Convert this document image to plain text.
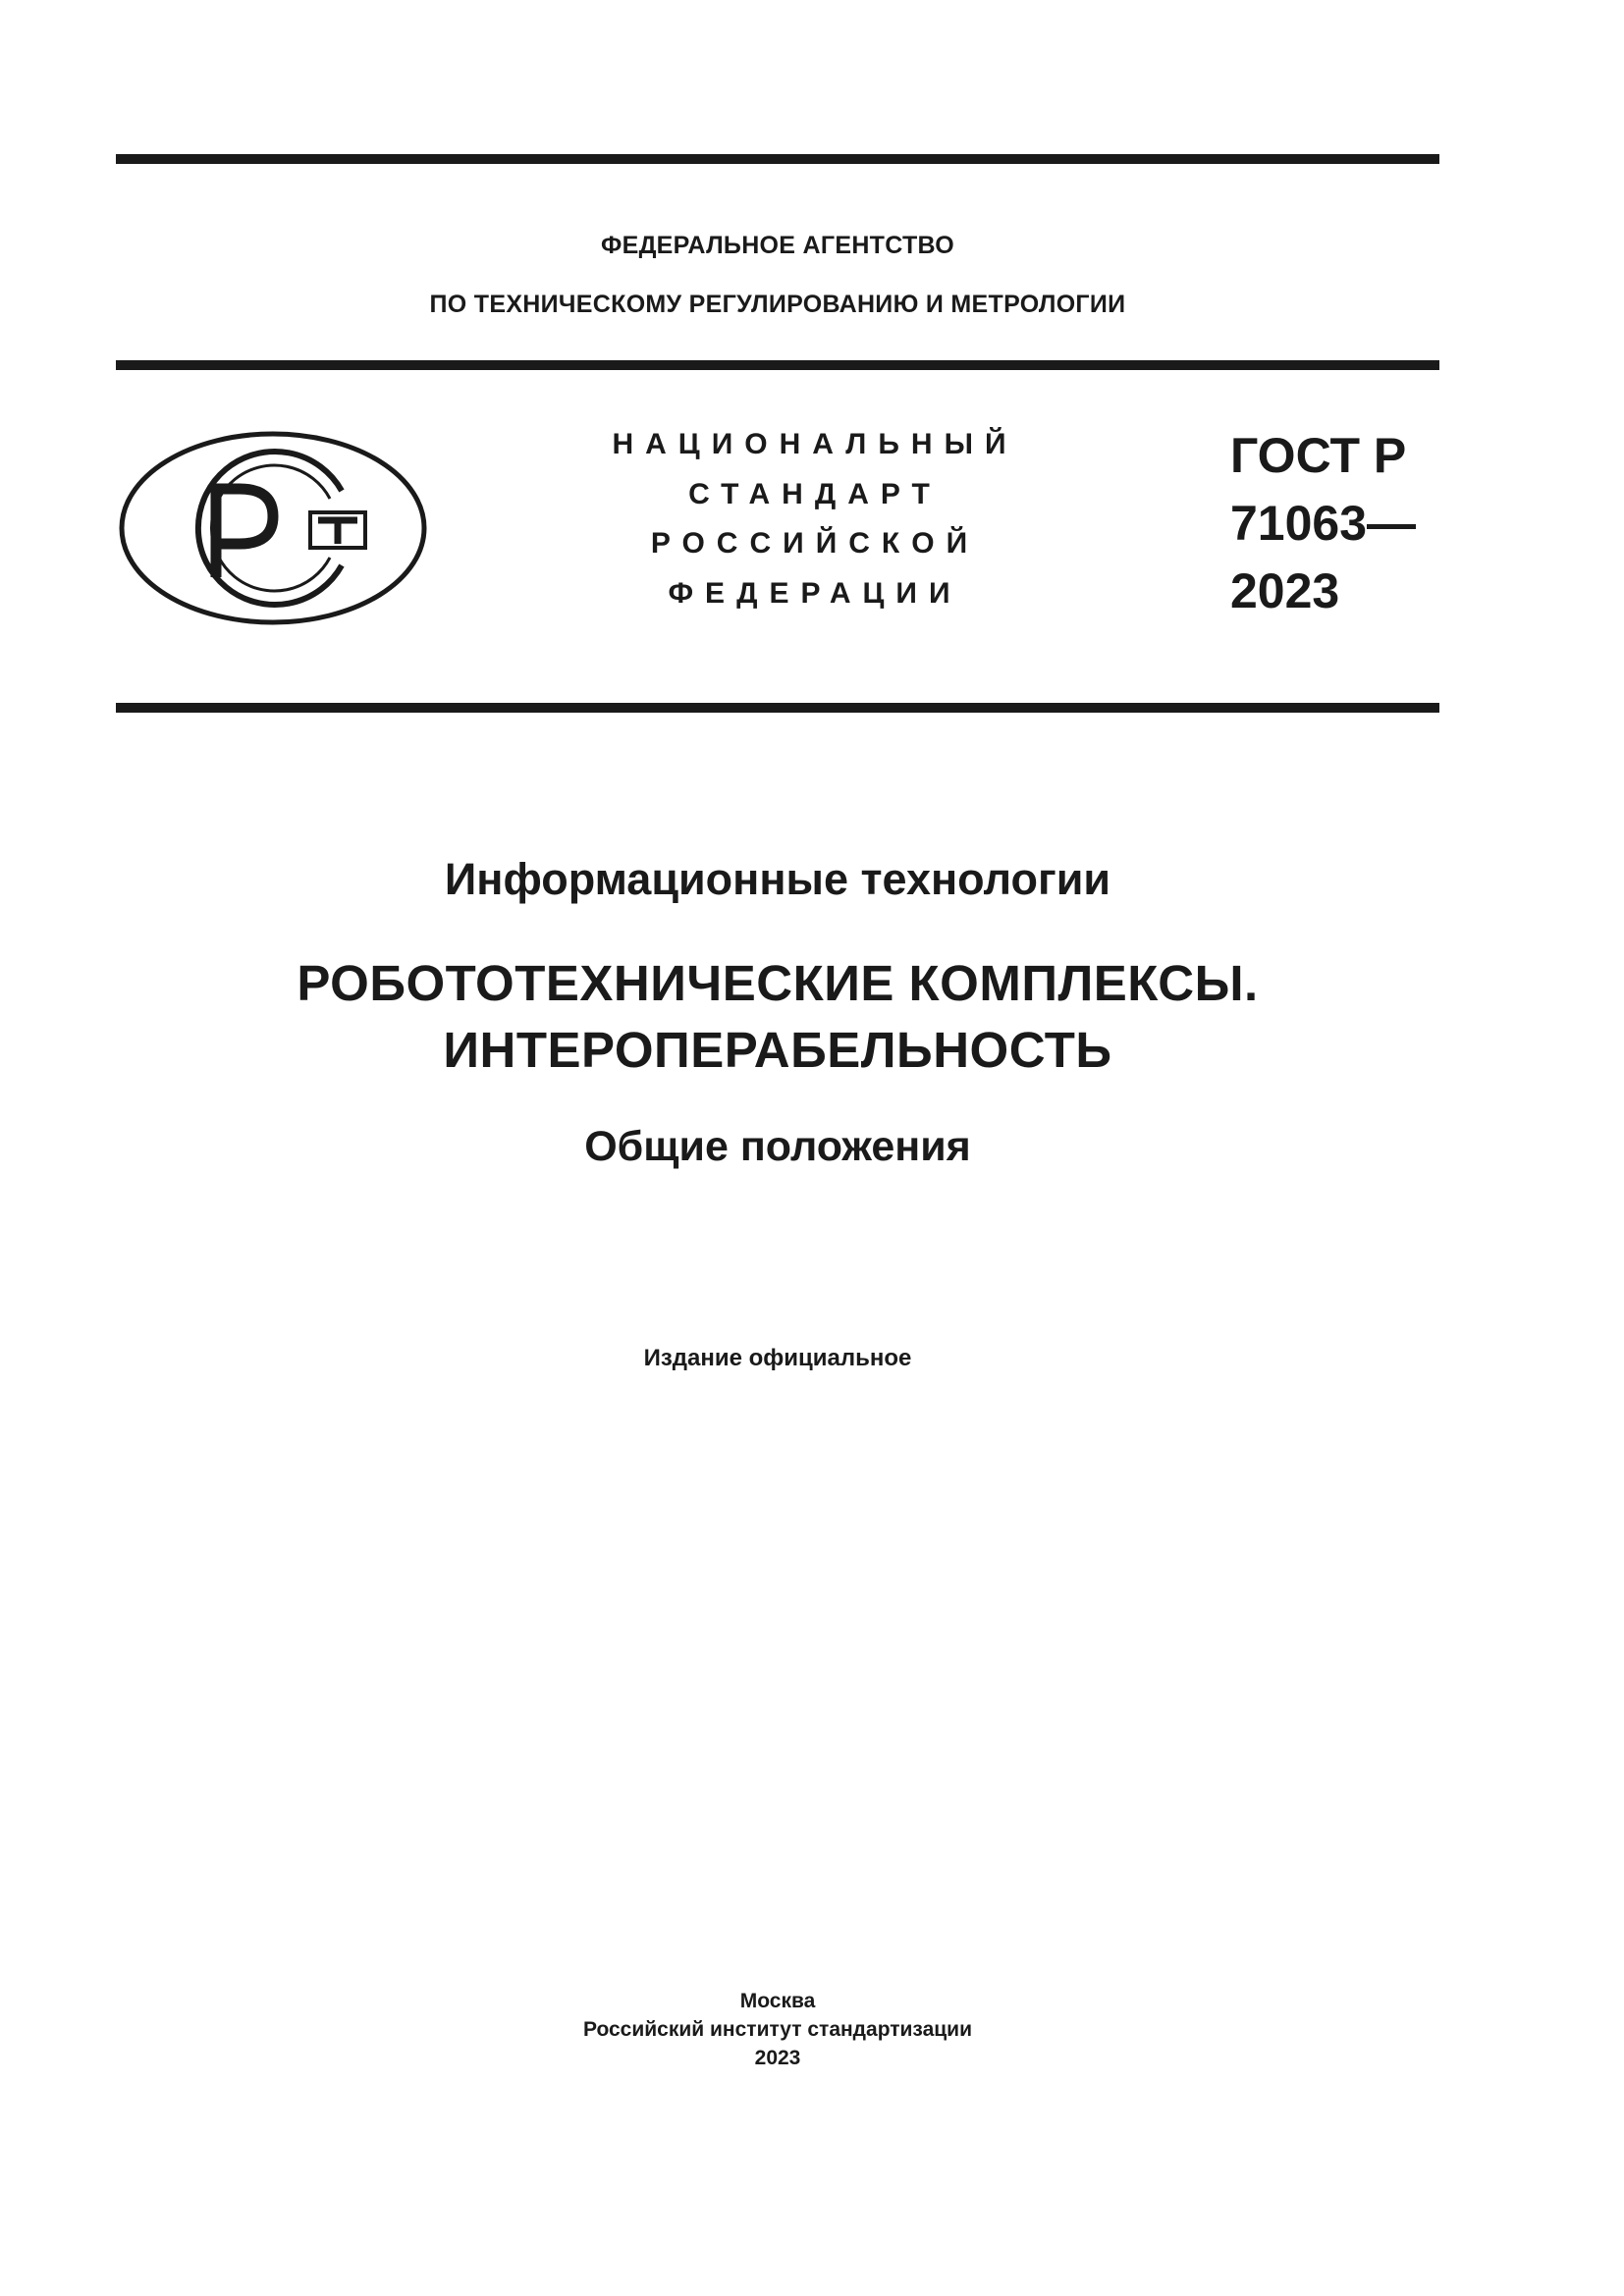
ФЕДЕРАЛЬНОЕ АГЕНТСТВО
ПО ТЕХНИЧЕСКОМУ РЕГУЛИРОВАНИЮ И МЕТРОЛОГИИ
НАЦИОНАЛЬНЫЙ
СТАНДАРТ
РОССИЙСКОЙ
ФЕДЕРАЦИИ
ГОСТ Р
71063—
2023
Информационные технологии
РОБОТОТЕХНИЧЕСКИЕ КОМПЛЕКСЫ.
ИНТЕРОПЕРАБЕЛЬНОСТЬ
Общие положения
Издание официальное
Москва
Российский институт стандартизации
2023
